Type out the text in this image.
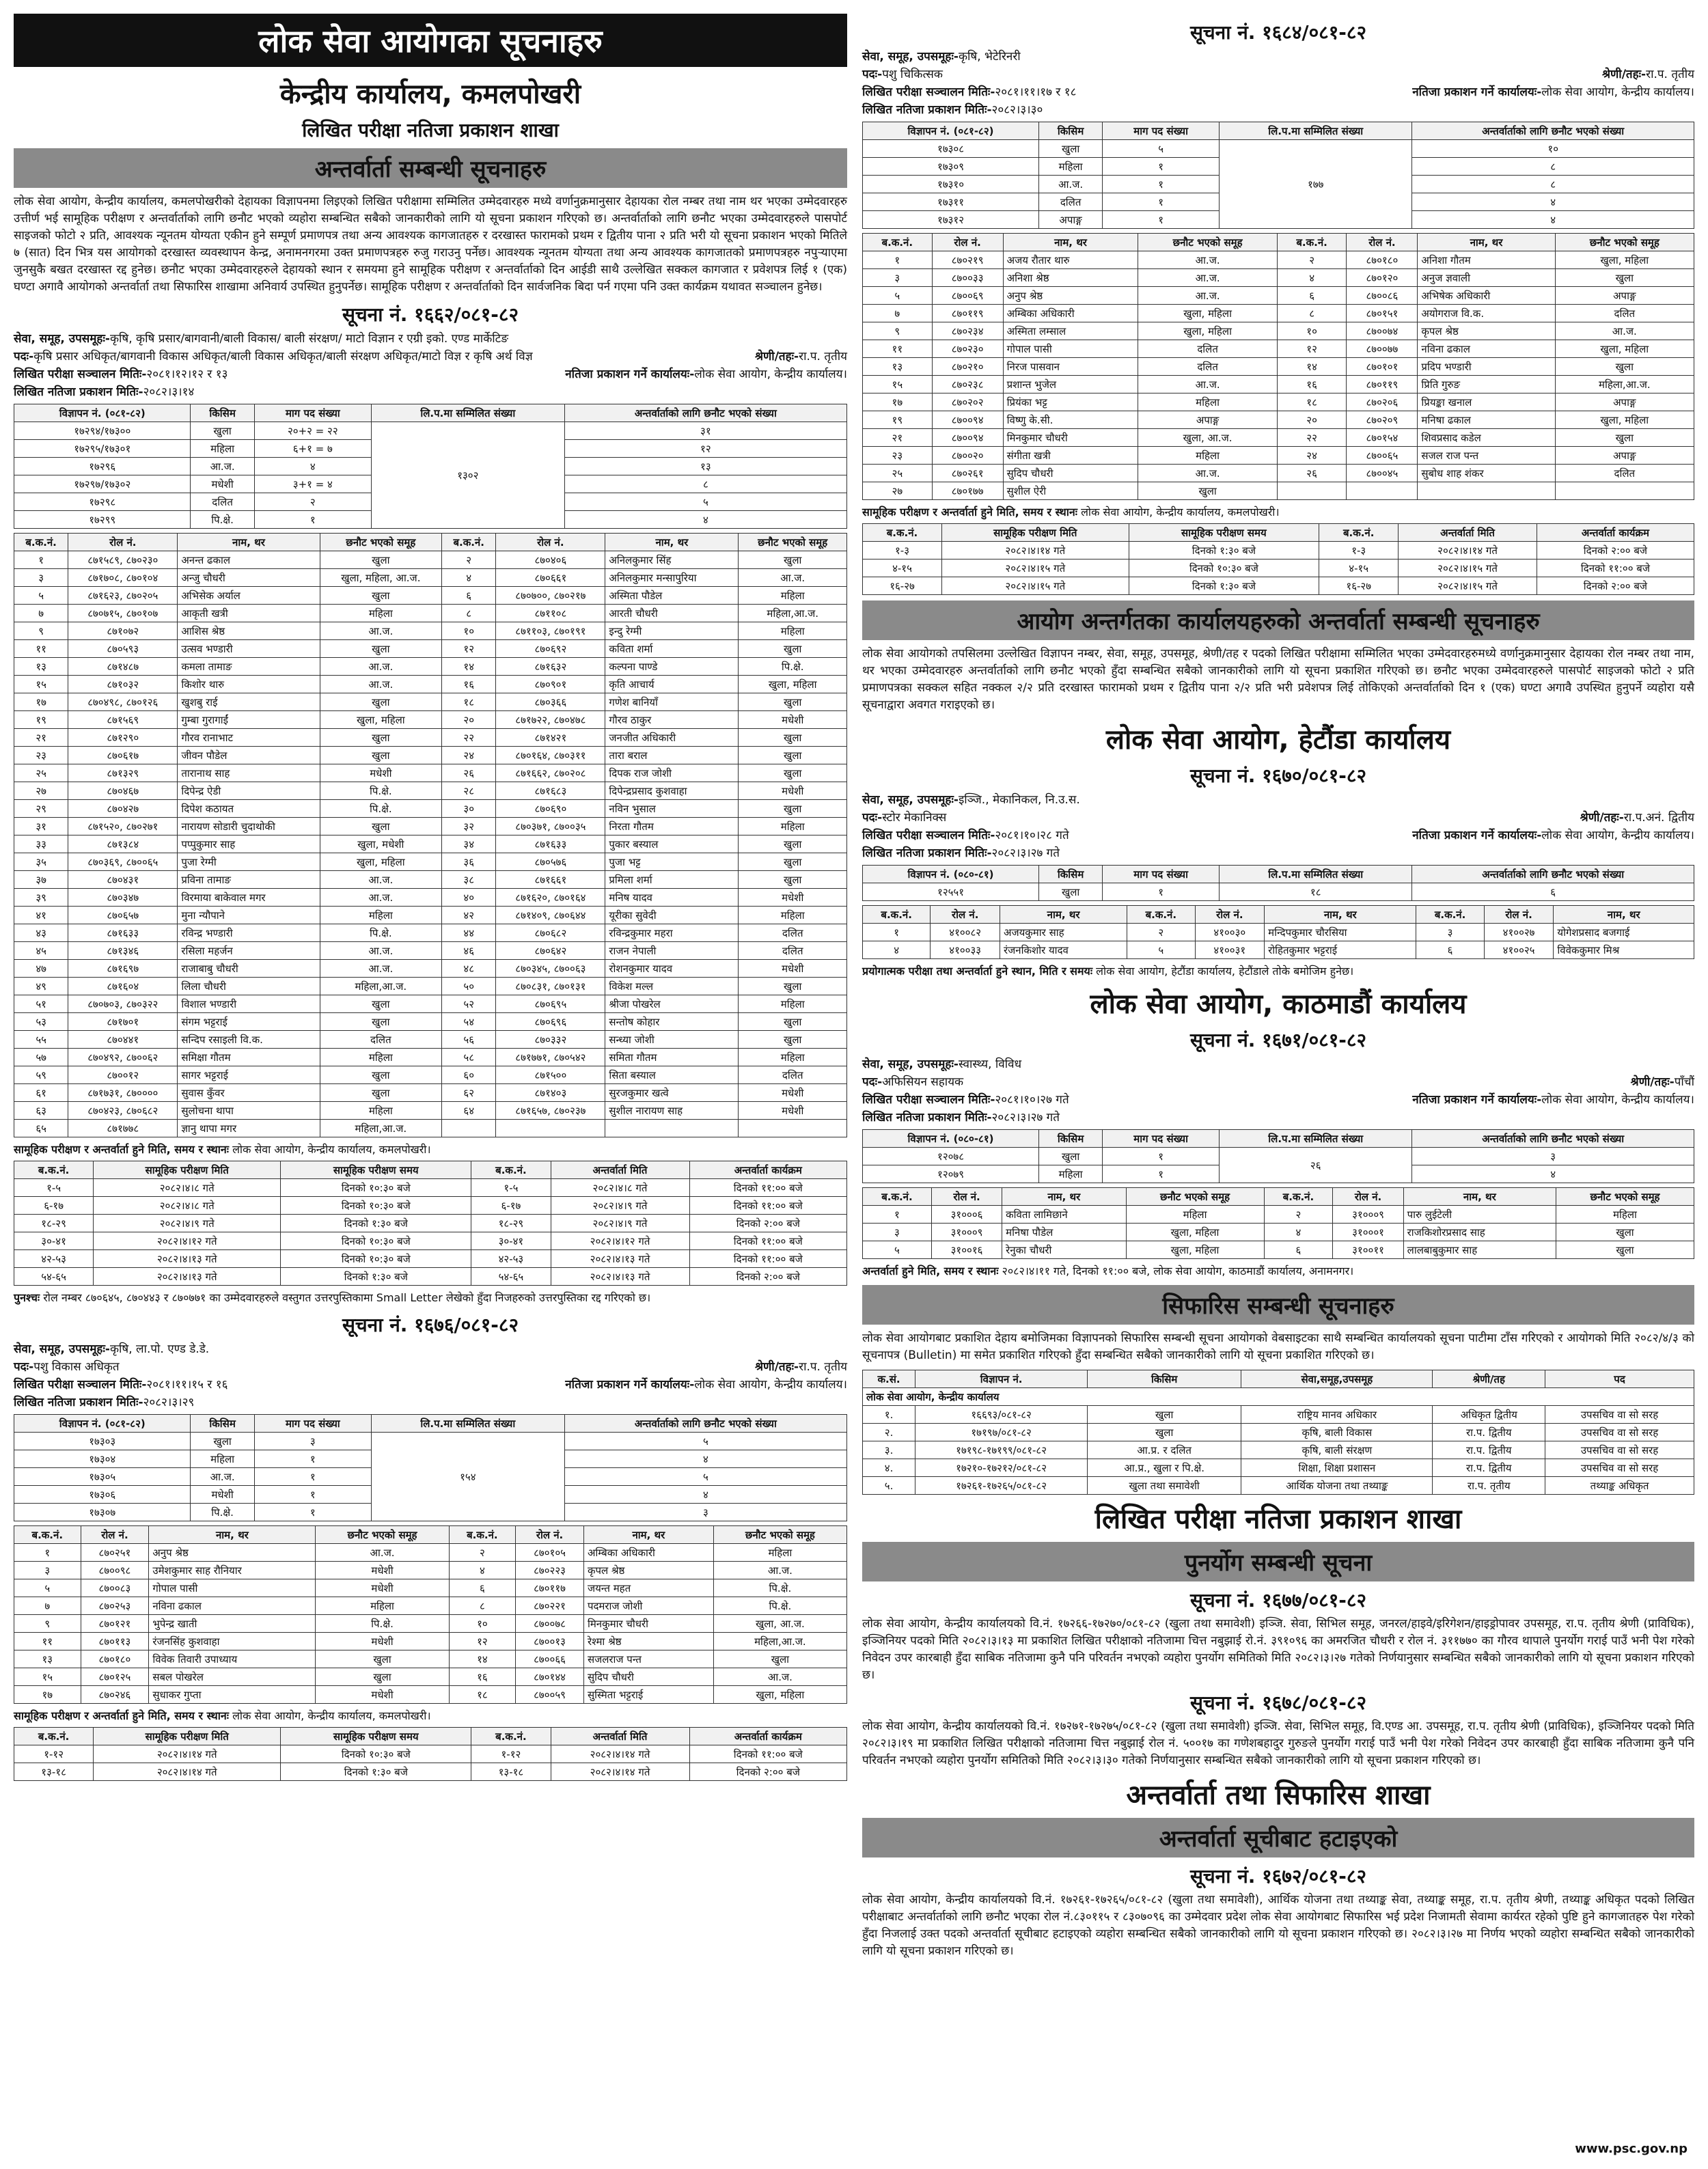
लोक सेवा आयोगका सूचनाहरु
केन्द्रीय कार्यालय, कमलपोखरी
लिखित परीक्षा नतिजा प्रकाशन शाखा
अन्तर्वार्ता सम्बन्धी सूचनाहरु
लोक सेवा आयोग, केन्द्रीय कार्यालय, कमलपोखरीको देहायका विज्ञापनमा लिइएको लिखित परीक्षामा सम्मिलित उम्मेदवारहरु मध्ये वर्णानुक्रमानुसार देहायका रोल नम्बर तथा नाम थर भएका उम्मेदवारहरु उत्तीर्ण भई सामूहिक परीक्षण र अन्तर्वार्ताको लागि छनौट भएको व्यहोरा सम्बन्धित सबैको जानकारीको लागि यो सूचना प्रकाशन गरिएको छ। अन्तर्वार्ताको लागि छनौट भएका उम्मेदवारहरुले पासपोर्ट साइजको फोटो २ प्रति, आवश्यक न्यूनतम योग्यता एकीन हुने सम्पूर्ण प्रमाणपत्र तथा अन्य आवश्यक कागजातहरु र दरखास्त फारामको प्रथम र द्वितीय पाना २ प्रति भरी यो सूचना प्रकाशन भएको मितिले ७ (सात) दिन भित्र यस आयोगको दरखास्त व्यवस्थापन केन्द्र, अनामनगरमा उक्त प्रमाणपत्रहरु रुजु गराउनु पर्नेछ। आवश्यक न्यूनतम योग्यता तथा अन्य आवश्यक कागजातको प्रमाणपत्रहरु नपुऱ्याएमा जुनसुकै बखत दरखास्त रद्द हुनेछ। छनौट भएका उम्मेदवारहरुले देहायको स्थान र समयमा हुने सामूहिक परीक्षण र अन्तर्वार्ताको दिन आईडी साथै उल्लेखित सक्कल कागजात र प्रवेशपत्र लिई १ (एक) घण्टा अगावै आयोगको अन्तर्वार्ता तथा सिफारिस शाखामा अनिवार्य उपस्थित हुनुपर्नेछ। सामूहिक परीक्षण र अन्तर्वार्ताको दिन सार्वजनिक बिदा पर्न गएमा पनि उक्त कार्यक्रम यथावत सञ्चालन हुनेछ।
सूचना नं. १६६२/०८१-८२
सेवा, समूह, उपसमूहः-कृषि, कृषि प्रसार/बागवानी/बाली विकास/ बाली संरक्षण/ माटो विज्ञान र एग्री इको. एण्ड मार्केटिङ
पदः-कृषि प्रसार अधिकृत/बागवानी विकास अधिकृत/बाली विकास अधिकृत/बाली संरक्षण अधिकृत/माटो विज्ञ र कृषि अर्थ विज्ञ	श्रेणी/तहः-रा.प. तृतीय
लिखित परीक्षा सञ्चालन मितिः-२०८१।१२।१२ र १३	नतिजा प्रकाशन गर्ने कार्यालयः-लोक सेवा आयोग, केन्द्रीय कार्यालय।
लिखित नतिजा प्रकाशन मितिः-२०८२।३।१४
विज्ञापन नं. (०८१-८२)	किसिम	माग पद संख्या	लि.प.मा सम्मिलित संख्या	अन्तर्वार्ताको लागि छनौट भएको संख्या
१७२९४/१७३००	खुला	२०+२ = २२	१३०२	३१
१७२९५/१७३०१	महिला	६+१ = ७		१२
१७२९६	आ.ज.	४		१३
१७२९७/१७३०२	मधेशी	३+१ = ४		८
१७२९८	दलित	२		५
१७२९९	पि.क्षे.	१		४
ब.क.नं.	रोल नं.	नाम, थर	छनौट भएको समूह	ब.क.नं.	रोल नं.	नाम, थर	छनौट भएको समूह
१	८७१५८९, ८७०२३०	अनन्त ढकाल	खुला	२	८७०४०६	अनिलकुमार सिंह	खुला
३	८७१७०८, ८७०१०४	अन्जु चौधरी	खुला, महिला, आ.ज.	४	८७०६६१	अनिलकुमार मन्सापुरिया	आ.ज.
५	८७१६२३, ८७०२०५	अभिसेक अर्याल	खुला	६	८७०७००, ८७०२१७	अस्मिता पौडेल	महिला
७	८७०७१५, ८७०१०७	आकृती खत्री	महिला	८	८७११०८	आरती चौधरी	महिला,आ.ज.
९	८७१०७२	आशिस श्रेष्ठ	आ.ज.	१०	८७११०३, ८७०१९१	इन्दु रेग्मी	महिला
११	८७०५९३	उत्सव भण्डारी	खुला	१२	८७०६९२	कविता शर्मा	खुला
१३	८७१४८७	कमला तामाङ	आ.ज.	१४	८७१६३२	कल्पना पाण्डे	पि.क्षे.
१५	८७१०३२	किशोर थारु	आ.ज.	१६	८७०९०१	कृति आचार्य	खुला, महिला
१७	८७०४९८, ८७०१२६	खुशबु राई	खुला	१८	८७०३६६	गणेश बानियाँ	खुला
१९	८७१५६९	गुम्बा गुरागाईं	खुला, महिला	२०	८७१७२२, ८७०४७८	गौरव ठाकुर	मधेशी
२१	८७१२९०	गौरव रानाभाट	खुला	२२	८७१४२१	जनजीत अधिकारी	खुला
२३	८७०६१७	जीवन पौडेल	खुला	२४	८७०१६४, ८७०३११	तारा बराल	खुला
२५	८७१३२९	तारानाथ साह	मधेशी	२६	८७१६६२, ८७०२०८	दिपक राज जोशी	खुला
२७	८७०४६७	दिपेन्द्र ऐडी	पि.क्षे.	२८	८७१६८३	दिपेन्द्रप्रसाद कुशवाहा	मधेशी
२९	८७०४२७	दिपेश कठायत	पि.क्षे.	३०	८७०६९०	नविन भुसाल	खुला
३१	८७१५२०, ८७०२७१	नारायण सोडारी चुदाथोकी	खुला	३२	८७०३७१, ८७००३५	निरता गौतम	महिला
३३	८७१३८४	पप्पुकुमार साह	खुला, मधेशी	३४	८७१६३३	पुकार बस्याल	खुला
३५	८७०३६९, ८७००६५	पुजा रेग्मी	खुला, महिला	३६	८७०५७६	पुजा भट्ट	खुला
३७	८७०४३१	प्रविना तामाङ	आ.ज.	३८	८७१६६१	प्रमिला शर्मा	खुला
३९	८७०३४७	विरमाया बाकेवाल मगर	आ.ज.	४०	८७१६२०, ८७०१६४	मनिष यादव	मधेशी
४१	८७०६५७	मुना न्यौपाने	महिला	४२	८७१४०९, ८७०६४४	यूरीका सुवेदी	महिला
४३	८७१६३३	रविन्द्र भण्डारी	पि.क्षे.	४४	८७०६८२	रविन्द्रकुमार महरा	दलित
४५	८७१३४६	रसिला महर्जन	आ.ज.	४६	८७०६४२	राजन नेपाली	दलित
४७	८७१६९७	राजाबाबु चौधरी	आ.ज.	४८	८७०३४५, ८७००६३	रोशनकुमार यादव	मधेशी
४९	८७१६०४	लिला चौधरी	महिला,आ.ज.	५०	८७०८३१, ८७०१३१	विकेश मल्ल	खुला
५१	८७०७०३, ८७०३२२	विशाल भण्डारी	खुला	५२	८७०६९५	श्रीजा पोखरेल	महिला
५३	८७१७०१	संगम भट्टराई	खुला	५४	८७०६९६	सन्तोष कोहार	खुला
५५	८७०४४१	सन्दिप रसाइली वि.क.	दलित	५६	८७०३३२	सन्ध्या जोशी	खुला
५७	८७०४९२, ८७००६२	समिक्षा गौतम	महिला	५८	८७१७७१, ८७०५४२	समिता गौतम	महिला
५९	८७००१२	सागर भट्टराई	खुला	६०	८७१५००	सिता बस्याल	दलित
६१	८७१७३१, ८७००००	सुवास कुँवर	खुला	६२	८७१४०३	सुरजकुमार खत्वे	मधेशी
६३	८७०४२३, ८७०६८२	सुलोचना थापा	महिला	६४	८७१६५७, ८७०२३७	सुशील नारायण साह	मधेशी
६५	८७१७७८	ज्ञानु थापा मगर	महिला,आ.ज.				
सामूहिक परीक्षण र अन्तर्वार्ता हुने मिति, समय र स्थानः लोक सेवा आयोग, केन्द्रीय कार्यालय, कमलपोखरी।
ब.क.नं.	सामूहिक परीक्षण मिति	सामूहिक परीक्षण समय	ब.क.नं.	अन्तर्वार्ता मिति	अन्तर्वार्ता कार्यक्रम
१-५	२०८२।४।८ गते	दिनको १०:३० बजे	१-५	२०८२।४।८ गते	दिनको ११:०० बजे
६-१७	२०८२।४।८ गते	दिनको १०:३० बजे	६-१७	२०८२।४।९ गते	दिनको ११:०० बजे
१८-२९	२०८२।४।९ गते	दिनको १:३० बजे	१८-२९	२०८२।४।९ गते	दिनको २:०० बजे
३०-४१	२०८२।४।१२ गते	दिनको १०:३० बजे	३०-४१	२०८२।४।१२ गते	दिनको ११:०० बजे
४२-५३	२०८२।४।१३ गते	दिनको १०:३० बजे	४२-५३	२०८२।४।१३ गते	दिनको ११:०० बजे
५४-६५	२०८२।४।१३ गते	दिनको १:३० बजे	५४-६५	२०८२।४।१३ गते	दिनको २:०० बजे
पुनश्चः रोल नम्बर ८७०६४५, ८७०४४३ र ८७०७७१ का उम्मेदवारहरुले वस्तुगत उत्तरपुस्तिकामा Small Letter लेखेको हुँदा निजहरुको उत्तरपुस्तिका रद्द गरिएको छ।
सूचना नं. १६७६/०८१-८२
सेवा, समूह, उपसमूहः-कृषि, ला.पो. एण्ड डे.डे.
पदः-पशु विकास अधिकृत	श्रेणी/तहः-रा.प. तृतीय
लिखित परीक्षा सञ्चालन मितिः-२०८१।११।१५ र १६	नतिजा प्रकाशन गर्ने कार्यालयः-लोक सेवा आयोग, केन्द्रीय कार्यालय।
लिखित नतिजा प्रकाशन मितिः-२०८२।३।२९
विज्ञापन नं. (०८१-८२)	किसिम	माग पद संख्या	लि.प.मा सम्मिलित संख्या	अन्तर्वार्ताको लागि छनौट भएको संख्या
१७३०३	खुला	३	१५४	५
१७३०४	महिला	१		४
१७३०५	आ.ज.	१		५
१७३०६	मधेशी	१		४
१७३०७	पि.क्षे.	१		३
ब.क.नं.	रोल नं.	नाम, थर	छनौट भएको समूह	ब.क.नं.	रोल नं.	नाम, थर	छनौट भएको समूह
१	८७०२५१	अनुप श्रेष्ठ	आ.ज.	२	८७०१०५	अम्बिका अधिकारी	महिला
३	८७००९८	उमेशकुमार साह रौनियार	मधेशी	४	८७०२२३	कृपल श्रेष्ठ	आ.ज.
५	८७००८३	गोपाल पासी	मधेशी	६	८७०११७	जयन्त महत	पि.क्षे.
७	८७०२५३	नविना ढकाल	महिला	८	८७०२२१	पदमराज जोशी	पि.क्षे.
९	८७०१२१	भुपेन्द्र खाती	पि.क्षे.	१०	८७००७८	मिनकुमार चौधरी	खुला, आ.ज.
११	८७०११३	रंजनसिंह कुशवाहा	मधेशी	१२	८७००१३	रेश्मा श्रेष्ठ	महिला,आ.ज.
१३	८७०१८०	विवेक तिवारी उपाध्याय	खुला	१४	८७००६६	सजलराज पन्त	खुला
१५	८७०१२५	सबल पोखरेल	खुला	१६	८७०१४४	सुदिप चौधरी	आ.ज.
१७	८७०२४६	सुधाकर गुप्ता	मधेशी	१८	८७००५९	सुस्मिता भट्टराई	खुला, महिला
सामूहिक परीक्षण र अन्तर्वार्ता हुने मिति, समय र स्थानः लोक सेवा आयोग, केन्द्रीय कार्यालय, कमलपोखरी।
ब.क.नं.	सामूहिक परीक्षण मिति	सामूहिक परीक्षण समय	ब.क.नं.	अन्तर्वार्ता मिति	अन्तर्वार्ता कार्यक्रम
१-१२	२०८२।४।१४ गते	दिनको १०:३० बजे	१-१२	२०८२।४।१४ गते	दिनको ११:०० बजे
१३-१८	२०८२।४।१४ गते	दिनको १:३० बजे	१३-१८	२०८२।४।१४ गते	दिनको २:०० बजे
सूचना नं. १६८४/०८१-८२
सेवा, समूह, उपसमूहः-कृषि, भेटेरिनरी
पदः-पशु चिकित्सक	श्रेणी/तहः-रा.प. तृतीय
लिखित परीक्षा सञ्चालन मितिः-२०८१।११।१७ र १८	नतिजा प्रकाशन गर्ने कार्यालयः-लोक सेवा आयोग, केन्द्रीय कार्यालय।
लिखित नतिजा प्रकाशन मितिः-२०८२।३।३०
विज्ञापन नं. (०८१-८२)	किसिम	माग पद संख्या	लि.प.मा सम्मिलित संख्या	अन्तर्वार्ताको लागि छनौट भएको संख्या
१७३०८	खुला	५	१७७	१०
१७३०९	महिला	१		८
१७३१०	आ.ज.	१		८
१७३११	दलित	१		४
१७३१२	अपाङ्ग	१		४
ब.क.नं.	रोल नं.	नाम, थर	छनौट भएको समूह	ब.क.नं.	रोल नं.	नाम, थर	छनौट भएको समूह
१	८७०२१९	अजय रौतार थारु	आ.ज.	२	८७०१८०	अनिशा गौतम	खुला, महिला
३	८७००३३	अनिशा श्रेष्ठ	आ.ज.	४	८७०१२०	अनुज ज्ञवाली	खुला
५	८७००६९	अनुप श्रेष्ठ	आ.ज.	६	८७००८६	अभिषेक अधिकारी	अपाङ्ग
७	८७०११९	अम्बिका अधिकारी	खुला, महिला	८	८७०१५१	अयोगराज वि.क.	दलित
९	८७०२३४	अस्मिता लम्साल	खुला, महिला	१०	८७००७४	कृपल श्रेष्ठ	आ.ज.
११	८७०२३०	गोपाल पासी	दलित	१२	८७००७७	नविना ढकाल	खुला, महिला
१३	८७०२१०	निरज पासवान	दलित	१४	८७०१०१	प्रदिप भण्डारी	खुला
१५	८७०२३८	प्रशान्त भुजेल	आ.ज.	१६	८७०११९	प्रिति गुरुङ	महिला,आ.ज.
१७	८७०२०२	प्रियंका भट्ट	महिला	१८	८७०२०६	प्रियङ्का खनाल	अपाङ्ग
१९	८७००९४	विष्णु के.सी.	अपाङ्ग	२०	८७०२०९	मनिषा ढकाल	खुला, महिला
२१	८७००९४	मिनकुमार चौधरी	खुला, आ.ज.	२२	८७०१५४	शिवप्रसाद कडेल	खुला
२३	८७००२०	संगीता खत्री	महिला	२४	८७००६५	सजल राज पन्त	अपाङ्ग
२५	८७०२६१	सुदिप चौधरी	आ.ज.	२६	८७००४५	सुबोध शाह शंकर	दलित
२७	८७०१७७	सुशील ऐरी	खुला				
सामूहिक परीक्षण र अन्तर्वार्ता हुने मिति, समय र स्थानः लोक सेवा आयोग, केन्द्रीय कार्यालय, कमलपोखरी।
ब.क.नं.	सामूहिक परीक्षण मिति	सामूहिक परीक्षण समय	ब.क.नं.	अन्तर्वार्ता मिति	अन्तर्वार्ता कार्यक्रम
१-३	२०८२।४।१४ गते	दिनको १:३० बजे	१-३	२०८२।४।१४ गते	दिनको २:०० बजे
४-१५	२०८२।४।१५ गते	दिनको १०:३० बजे	४-१५	२०८२।४।१५ गते	दिनको ११:०० बजे
१६-२७	२०८२।४।१५ गते	दिनको १:३० बजे	१६-२७	२०८२।४।१५ गते	दिनको २:०० बजे
आयोग अन्तर्गतका कार्यालयहरुको अन्तर्वार्ता सम्बन्धी सूचनाहरु
लोक सेवा आयोगको तपसिलमा उल्लेखित विज्ञापन नम्बर, सेवा, समूह, उपसमूह, श्रेणी/तह र पदको लिखित परीक्षामा सम्मिलित भएका उम्मेदवारहरुमध्ये वर्णानुक्रमानुसार देहायका रोल नम्बर तथा नाम, थर भएका उम्मेदवारहरु अन्तर्वार्ताको लागि छनौट भएको हुँदा सम्बन्धित सबैको जानकारीको लागि यो सूचना प्रकाशित गरिएको छ। छनौट भएका उम्मेदवारहरुले पासपोर्ट साइजको फोटो २ प्रति प्रमाणपत्रका सक्कल सहित नक्कल २/२ प्रति दरखास्त फारामको प्रथम र द्वितीय पाना २/२ प्रति भरी प्रवेशपत्र लिई तोकिएको अन्तर्वार्ताको दिन १ (एक) घण्टा अगावै उपस्थित हुनुपर्ने व्यहोरा यसै सूचनाद्वारा अवगत गराइएको छ।
लोक सेवा आयोग, हेटौंडा कार्यालय
सूचना नं. १६७०/०८१-८२
सेवा, समूह, उपसमूहः-इञ्जि., मेकानिकल, नि.उ.स.
पदः-स्टोर मेकानिक्स	श्रेणी/तहः-रा.प.अनं. द्वितीय
लिखित परीक्षा सञ्चालन मितिः-२०८१।१०।२८ गते	नतिजा प्रकाशन गर्ने कार्यालयः-लोक सेवा आयोग, केन्द्रीय कार्यालय।
लिखित नतिजा प्रकाशन मितिः-२०८२।३।२७ गते
विज्ञापन नं. (०८०-८१)	किसिम	माग पद संख्या	लि.प.मा सम्मिलित संख्या	अन्तर्वार्ताको लागि छनौट भएको संख्या
१२५५१	खुला	१	१८	६
ब.क.नं.	रोल नं.	नाम, थर	ब.क.नं.	रोल नं.	नाम, थर	ब.क.नं.	रोल नं.	नाम, थर
१	४१००८२	अजयकुमार साह	२	४१००३०	मन्दिपकुमार चौरसिया	३	४१००२७	योगेशप्रसाद बजगाई
४	४१००३३	रंजनकिशोर यादव	५	४१००३१	रोहितकुमार भट्टराई	६	४१००२५	विवेककुमार मिश्र
प्रयोगात्मक परीक्षा तथा अन्तर्वार्ता हुने स्थान, मिति र समयः लोक सेवा आयोग, हेटौंडा कार्यालय, हेटौंडाले तोके बमोजिम हुनेछ।
लोक सेवा आयोग, काठमाडौं कार्यालय
सूचना नं. १६७१/०८१-८२
सेवा, समूह, उपसमूहः-स्वास्थ्य, विविध
पदः-अफिसियन सहायक	श्रेणी/तहः-पाँचौं
लिखित परीक्षा सञ्चालन मितिः-२०८१।१०।२७ गते	नतिजा प्रकाशन गर्ने कार्यालयः-लोक सेवा आयोग, केन्द्रीय कार्यालय।
लिखित नतिजा प्रकाशन मितिः-२०८२।३।२७ गते
विज्ञापन नं. (०८०-८१)	किसिम	माग पद संख्या	लि.प.मा सम्मिलित संख्या	अन्तर्वार्ताको लागि छनौट भएको संख्या
१२०७८	खुला	१	२६	३
१२०७९	महिला	१		४
ब.क.नं.	रोल नं.	नाम, थर	छनौट भएको समूह	ब.क.नं.	रोल नं.	नाम, थर	छनौट भएको समूह
१	३१०००६	कविता लामिछाने	महिला	२	३१०००९	पारु लुईटेली	महिला
३	३१०००९	मनिषा पौडेल	खुला, महिला	४	३१०००१	राजकिशोरप्रसाद साह	खुला
५	३१००१६	रेनुका चौधरी	खुला, महिला	६	३१००११	लालबाबुकुमार साह	खुला
अन्तर्वार्ता हुने मिति, समय र स्थानः २०८२।४।११ गते, दिनको ११:०० बजे, लोक सेवा आयोग, काठमाडौं कार्यालय, अनामनगर।
सिफारिस सम्बन्धी सूचनाहरु
लोक सेवा आयोगबाट प्रकाशित देहाय बमोजिमका विज्ञापनको सिफारिस सम्बन्धी सूचना आयोगको वेबसाइटका साथै सम्बन्धित कार्यालयको सूचना पाटीमा टाँस गरिएको र आयोगको मिति २०८२/४/३ को सूचनापत्र (Bulletin) मा समेत प्रकाशित गरिएको हुँदा सम्बन्धित सबैको जानकारीको लागि यो सूचना प्रकाशित गरिएको छ।
क.सं.	विज्ञापन नं.	किसिम	सेवा,समूह,उपसमूह	श्रेणी/तह	पद
लोक सेवा आयोग, केन्द्रीय कार्यालय					
१.	१६६९३/०८१-८२	खुला	राष्ट्रिय मानव अधिकार	अधिकृत द्वितीय	उपसचिव वा सो सरह
२.	१७१९७/०८१-८२	खुला	कृषि, बाली विकास	रा.प. द्वितीय	उपसचिव वा सो सरह
३.	१७१९८-१७१९९/०८१-८२	आ.प्र. र दलित	कृषि, बाली संरक्षण	रा.प. द्वितीय	उपसचिव वा सो सरह
४.	१७२१०-१७२१२/०८१-८२	आ.प्र., खुला र पि.क्षे.	शिक्षा, शिक्षा प्रशासन	रा.प. द्वितीय	उपसचिव वा सो सरह
५.	१७२६१-१७२६५/०८१-८२	खुला तथा समावेशी	आर्थिक योजना तथा तथ्याङ्क	रा.प. तृतीय	तथ्याङ्क अधिकृत
लिखित परीक्षा नतिजा प्रकाशन शाखा
पुनर्योग सम्बन्धी सूचना
सूचना नं. १६७७/०८१-८२
लोक सेवा आयोग, केन्द्रीय कार्यालयको वि.नं. १७२६६-१७२७०/०८१-८२ (खुला तथा समावेशी) इञ्जि. सेवा, सिभिल समूह, जनरल/हाइवे/इरिगेशन/हाइड्रोपावर उपसमूह, रा.प. तृतीय श्रेणी (प्राविधिक), इञ्जिनियर पदको मिति २०८२।३।१३ मा प्रकाशित लिखित परीक्षाको नतिजामा चित्त नबुझाई रो.नं. ३९१०९६ का अमरजित चौधरी र रोल नं. ३११७७० का गौरव थापाले पुनर्योग गराई पाउँ भनी पेश गरेको निवेदन उपर कारबाही हुँदा साबिक नतिजामा कुनै पनि परिवर्तन नभएको व्यहोरा पुनर्योग समितिको मिति २०८२।३।२७ गतेको निर्णयानुसार सम्बन्धित सबैको जानकारीको लागि यो सूचना प्रकाशन गरिएको छ।
सूचना नं. १६७८/०८१-८२
लोक सेवा आयोग, केन्द्रीय कार्यालयको वि.नं. १७२७१-१७२७५/०८१-८२ (खुला तथा समावेशी) इञ्जि. सेवा, सिभिल समूह, वि.एण्ड आ. उपसमूह, रा.प. तृतीय श्रेणी (प्राविधिक), इञ्जिनियर पदको मिति २०८२।३।१९ मा प्रकाशित लिखित परीक्षाको नतिजामा चित्त नबुझाई रोल नं. ५००१७ का गणेशबहादुर गुरुङले पुनर्योग गराई पाउँ भनी पेश गरेको निवेदन उपर कारबाही हुँदा साबिक नतिजामा कुनै पनि परिवर्तन नभएको व्यहोरा पुनर्योग समितिको मिति २०८२।३।३० गतेको निर्णयानुसार सम्बन्धित सबैको जानकारीको लागि यो सूचना प्रकाशन गरिएको छ।
अन्तर्वार्ता तथा सिफारिस शाखा
अन्तर्वार्ता सूचीबाट हटाइएको
सूचना नं. १६७२/०८१-८२
लोक सेवा आयोग, केन्द्रीय कार्यालयको वि.नं. १७२६१-१७२६५/०८१-८२ (खुला तथा समावेशी), आर्थिक योजना तथा तथ्याङ्क सेवा, तथ्याङ्क समूह, रा.प. तृतीय श्रेणी, तथ्याङ्क अधिकृत पदको लिखित परीक्षाबाट अन्तर्वार्ताको लागि छनौट भएका रोल नं.८३०११५ र ८३०७०९६ का उम्मेदवार प्रदेश लोक सेवा आयोगबाट सिफारिस भई प्रदेश निजामती सेवामा कार्यरत रहेको पुष्टि हुने कागजातहरु पेश गरेको हुँदा निजलाई उक्त पदको अन्तर्वार्ता सूचीबाट हटाइएको व्यहोरा सम्बन्धित सबैको जानकारीको लागि यो सूचना प्रकाशन गरिएको छ। २०८२।३।२७ मा निर्णय भएको व्यहोरा सम्बन्धित सबैको जानकारीको लागि यो सूचना प्रकाशन गरिएको छ।
www.psc.gov.np
